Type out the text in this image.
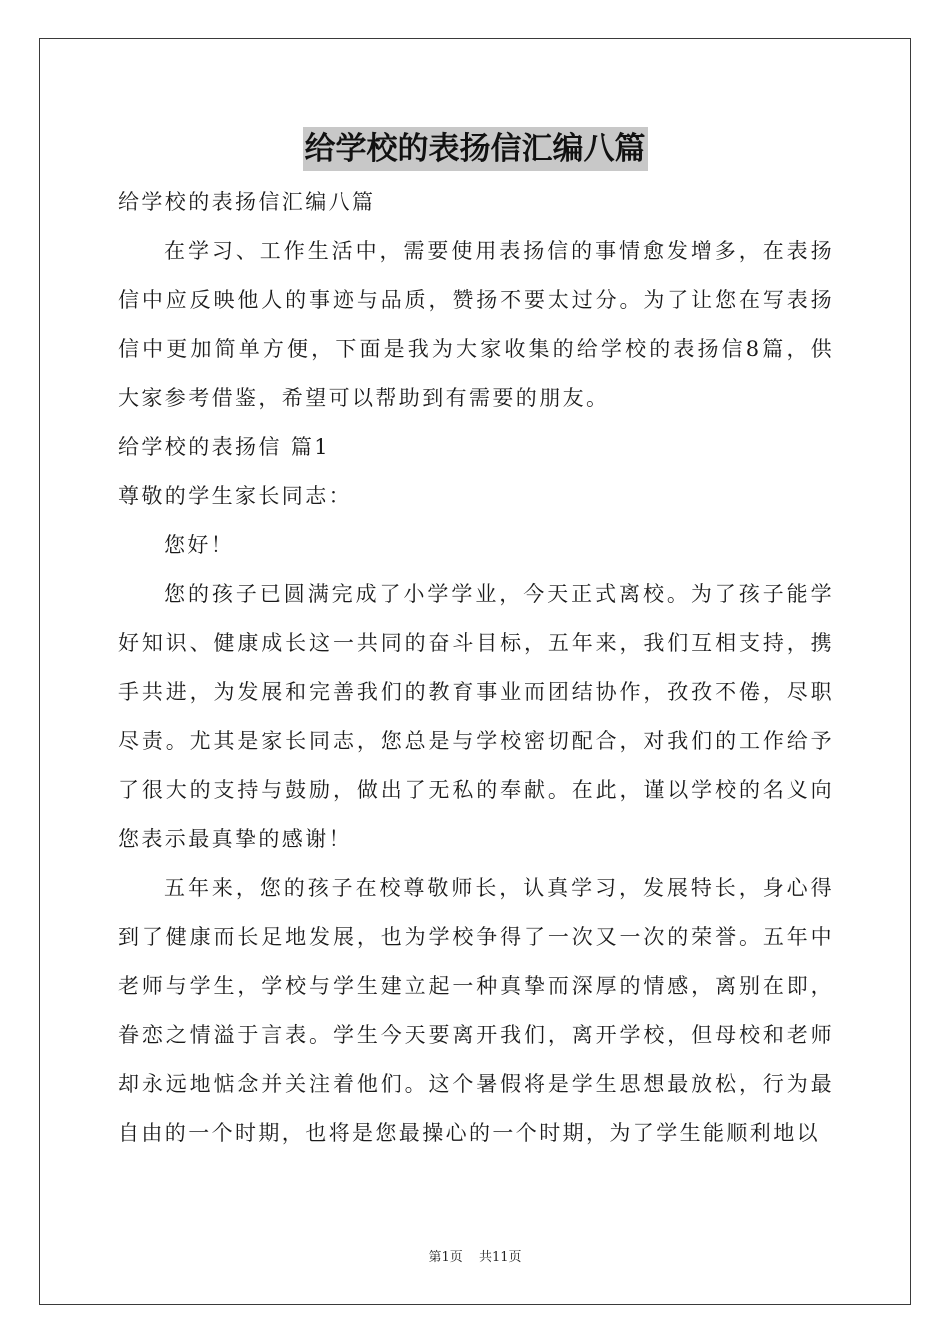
给学校的表扬信汇编八篇
给学校的表扬信汇编八篇

在学习、工作生活中，需要使用表扬信的事情愈发增多，在表扬信中应反映他人的事迹与品质，赞扬不要太过分。为了让您在写表扬信中更加简单方便，下面是我为大家收集的给学校的表扬信8篇，供大家参考借鉴，希望可以帮助到有需要的朋友。

给学校的表扬信 篇1
尊敬的学生家长同志：

您好！

您的孩子已圆满完成了小学学业，今天正式离校。为了孩子能学好知识、健康成长这一共同的奋斗目标，五年来，我们互相支持，携手共进，为发展和完善我们的教育事业而团结协作，孜孜不倦，尽职尽责。尤其是家长同志，您总是与学校密切配合，对我们的工作给予了很大的支持与鼓励，做出了无私的奉献。在此，谨以学校的名义向您表示最真挚的感谢！

五年来，您的孩子在校尊敬师长，认真学习，发展特长，身心得到了健康而长足地发展，也为学校争得了一次又一次的荣誉。五年中老师与学生，学校与学生建立起一种真挚而深厚的情感，离别在即，眷恋之情溢于言表。学生今天要离开我们，离开学校，但母校和老师却永远地惦念并关注着他们。这个暑假将是学生思想最放松，行为最自由的一个时期，也将是您最操心的一个时期，为了学生能顺利地以

第1页 共11页
